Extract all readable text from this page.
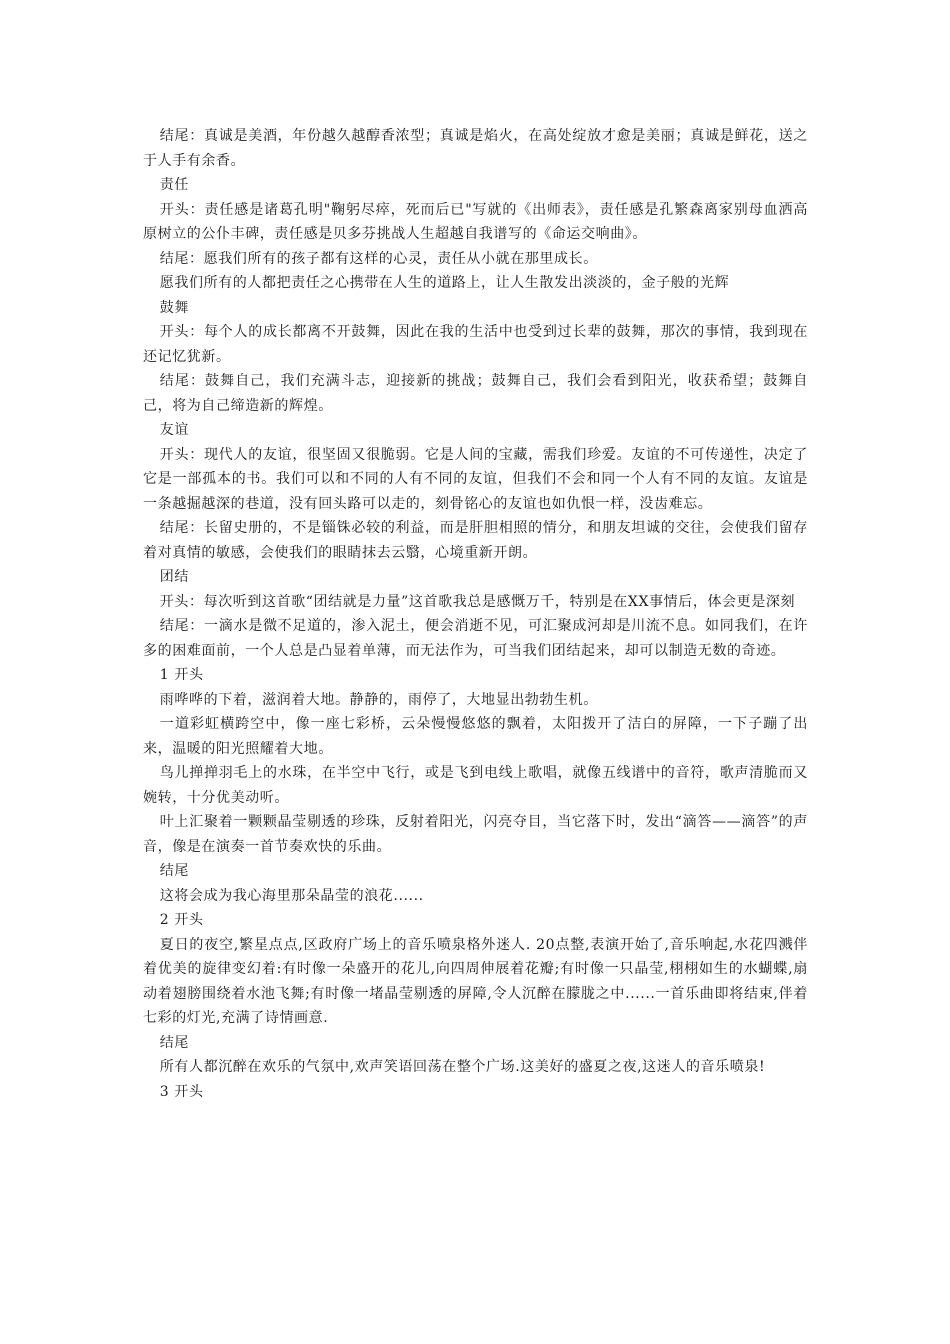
结尾：真诚是美酒，年份越久越醇香浓型；真诚是焰火，在高处绽放才愈是美丽；真诚是鲜花，送之于人手有余香。

责任

开头：责任感是诸葛孔明"鞠躬尽瘁，死而后已"写就的《出师表》，责任感是孔繁森离家别母血洒高原树立的公仆丰碑，责任感是贝多芬挑战人生超越自我谱写的《命运交响曲》。

结尾：愿我们所有的孩子都有这样的心灵，责任从小就在那里成长。

愿我们所有的人都把责任之心携带在人生的道路上，让人生散发出淡淡的，金子般的光辉

鼓舞

开头：每个人的成长都离不开鼓舞，因此在我的生活中也受到过长辈的鼓舞，那次的事情，我到现在还记忆犹新。

结尾：鼓舞自己，我们充满斗志，迎接新的挑战；鼓舞自己，我们会看到阳光，收获希望；鼓舞自己，将为自己缔造新的辉煌。

友谊

开头：现代人的友谊，很坚固又很脆弱。它是人间的宝藏，需我们珍爱。友谊的不可传递性，决定了它是一部孤本的书。我们可以和不同的人有不同的友谊，但我们不会和同一个人有不同的友谊。友谊是一条越掘越深的巷道，没有回头路可以走的，刻骨铭心的友谊也如仇恨一样，没齿难忘。

结尾：长留史册的，不是锱铢必较的利益，而是肝胆相照的情分，和朋友坦诚的交往，会使我们留存着对真情的敏感，会使我们的眼睛抹去云翳，心境重新开朗。

团结

开头：每次听到这首歌“团结就是力量”这首歌我总是感慨万千，特别是在XX事情后，体会更是深刻

结尾：一滴水是微不足道的，渗入泥土，便会消逝不见，可汇聚成河却是川流不息。如同我们，在许多的困难面前，一个人总是凸显着单薄，而无法作为，可当我们团结起来，却可以制造无数的奇迹。

1 开头

雨哗哗的下着，滋润着大地。静静的，雨停了，大地显出勃勃生机。

一道彩虹横跨空中，像一座七彩桥，云朵慢慢悠悠的飘着，太阳拨开了洁白的屏障，一下子蹦了出来，温暖的阳光照耀着大地。

鸟儿掸掸羽毛上的水珠，在半空中飞行，或是飞到电线上歌唱，就像五线谱中的音符，歌声清脆而又婉转，十分优美动听。

叶上汇聚着一颗颗晶莹剔透的珍珠，反射着阳光，闪亮夺目，当它落下时，发出“滴答——滴答”的声音，像是在演奏一首节奏欢快的乐曲。

结尾

这将会成为我心海里那朵晶莹的浪花......

2 开头

夏日的夜空,繁星点点,区政府广场上的音乐喷泉格外迷人. 20点整,表演开始了,音乐响起,水花四溅伴着优美的旋律变幻着:有时像一朵盛开的花儿,向四周伸展着花瓣;有时像一只晶莹,栩栩如生的水蝴蝶,扇动着翅膀围绕着水池飞舞;有时像一堵晶莹剔透的屏障,令人沉醉在朦胧之中......一首乐曲即将结束,伴着七彩的灯光,充满了诗情画意.

结尾

所有人都沉醉在欢乐的气氛中,欢声笑语回荡在整个广场.这美好的盛夏之夜,这迷人的音乐喷泉!

3 开头
